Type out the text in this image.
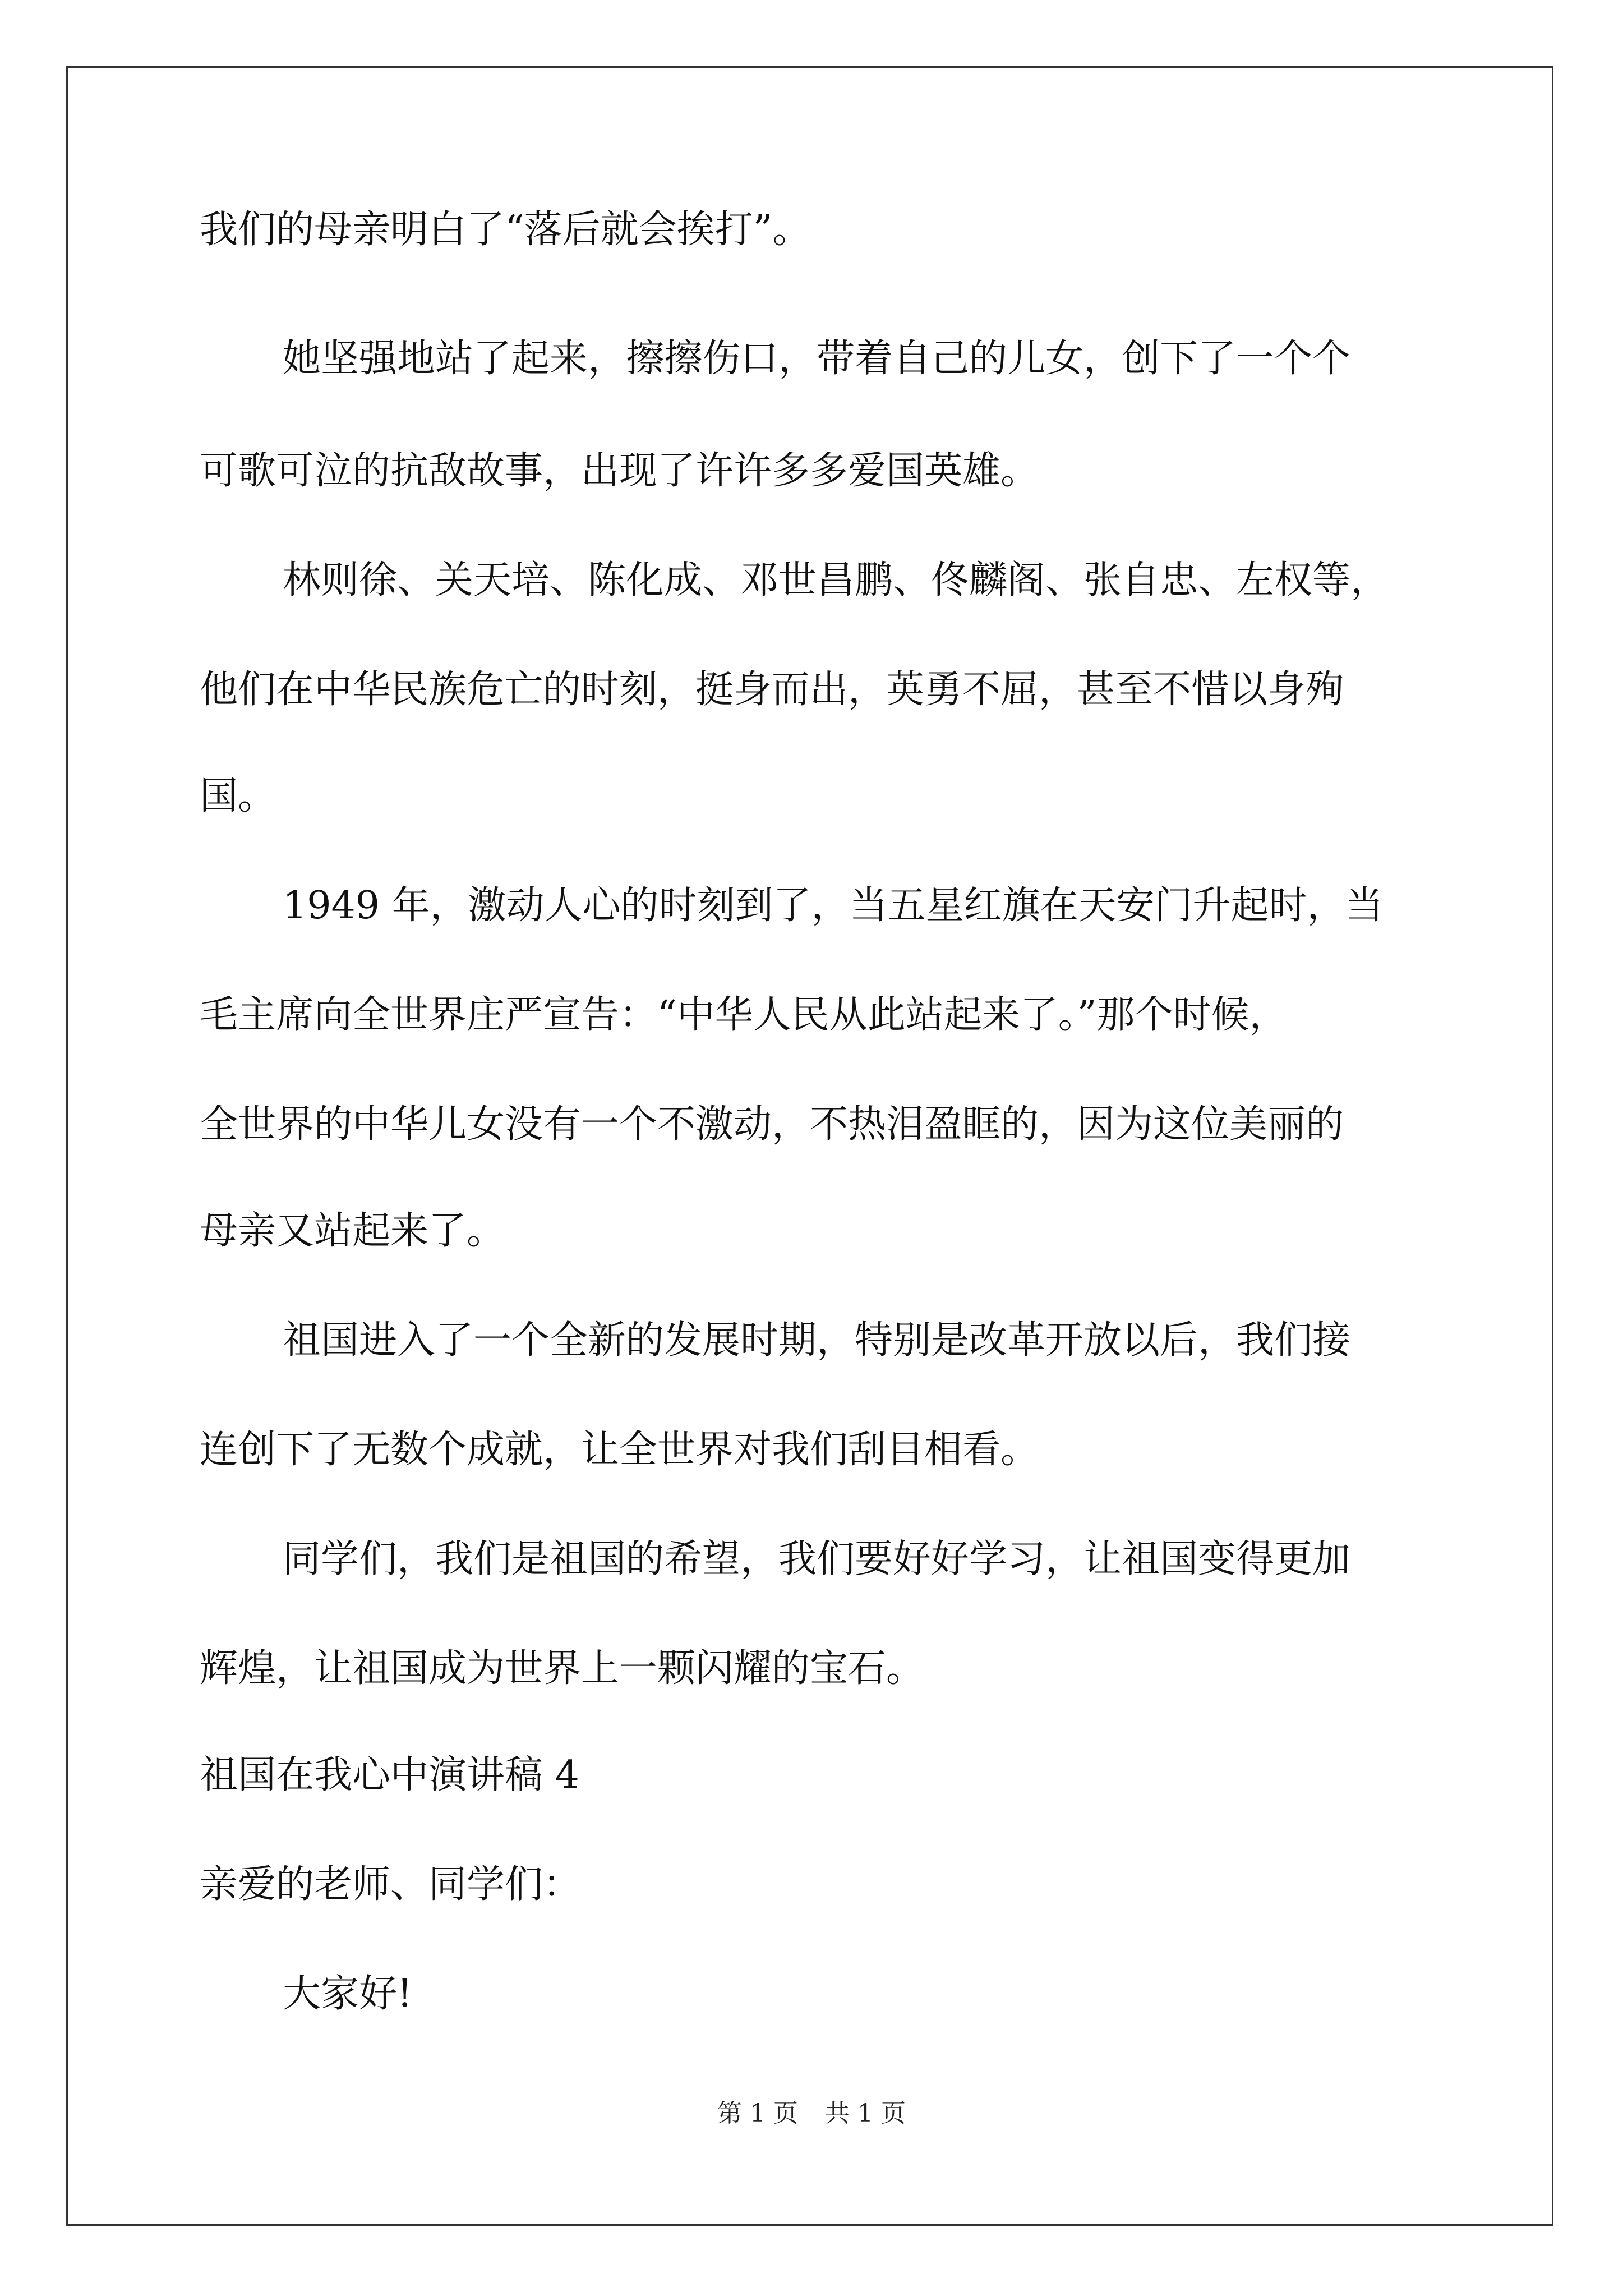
我们的母亲明白了“落后就会挨打”。

她坚强地站了起来，擦擦伤口，带着自己的儿女，创下了一个个

可歌可泣的抗敌故事，出现了许许多多爱国英雄。

林则徐、关天培、陈化成、邓世昌鹏、佟麟阁、张自忠、左权等，

他们在中华民族危亡的时刻，挺身而出，英勇不屈，甚至不惜以身殉

国。

1949 年，激动人心的时刻到了，当五星红旗在天安门升起时，当

毛主席向全世界庄严宣告：“中华人民从此站起来了。”那个时候，

全世界的中华儿女没有一个不激动，不热泪盈眶的，因为这位美丽的

母亲又站起来了。

祖国进入了一个全新的发展时期，特别是改革开放以后，我们接

连创下了无数个成就，让全世界对我们刮目相看。

同学们，我们是祖国的希望，我们要好好学习，让祖国变得更加

辉煌，让祖国成为世界上一颗闪耀的宝石。

祖国在我心中演讲稿 4

亲爱的老师、同学们：

大家好!

第 1 页 共 1 页
